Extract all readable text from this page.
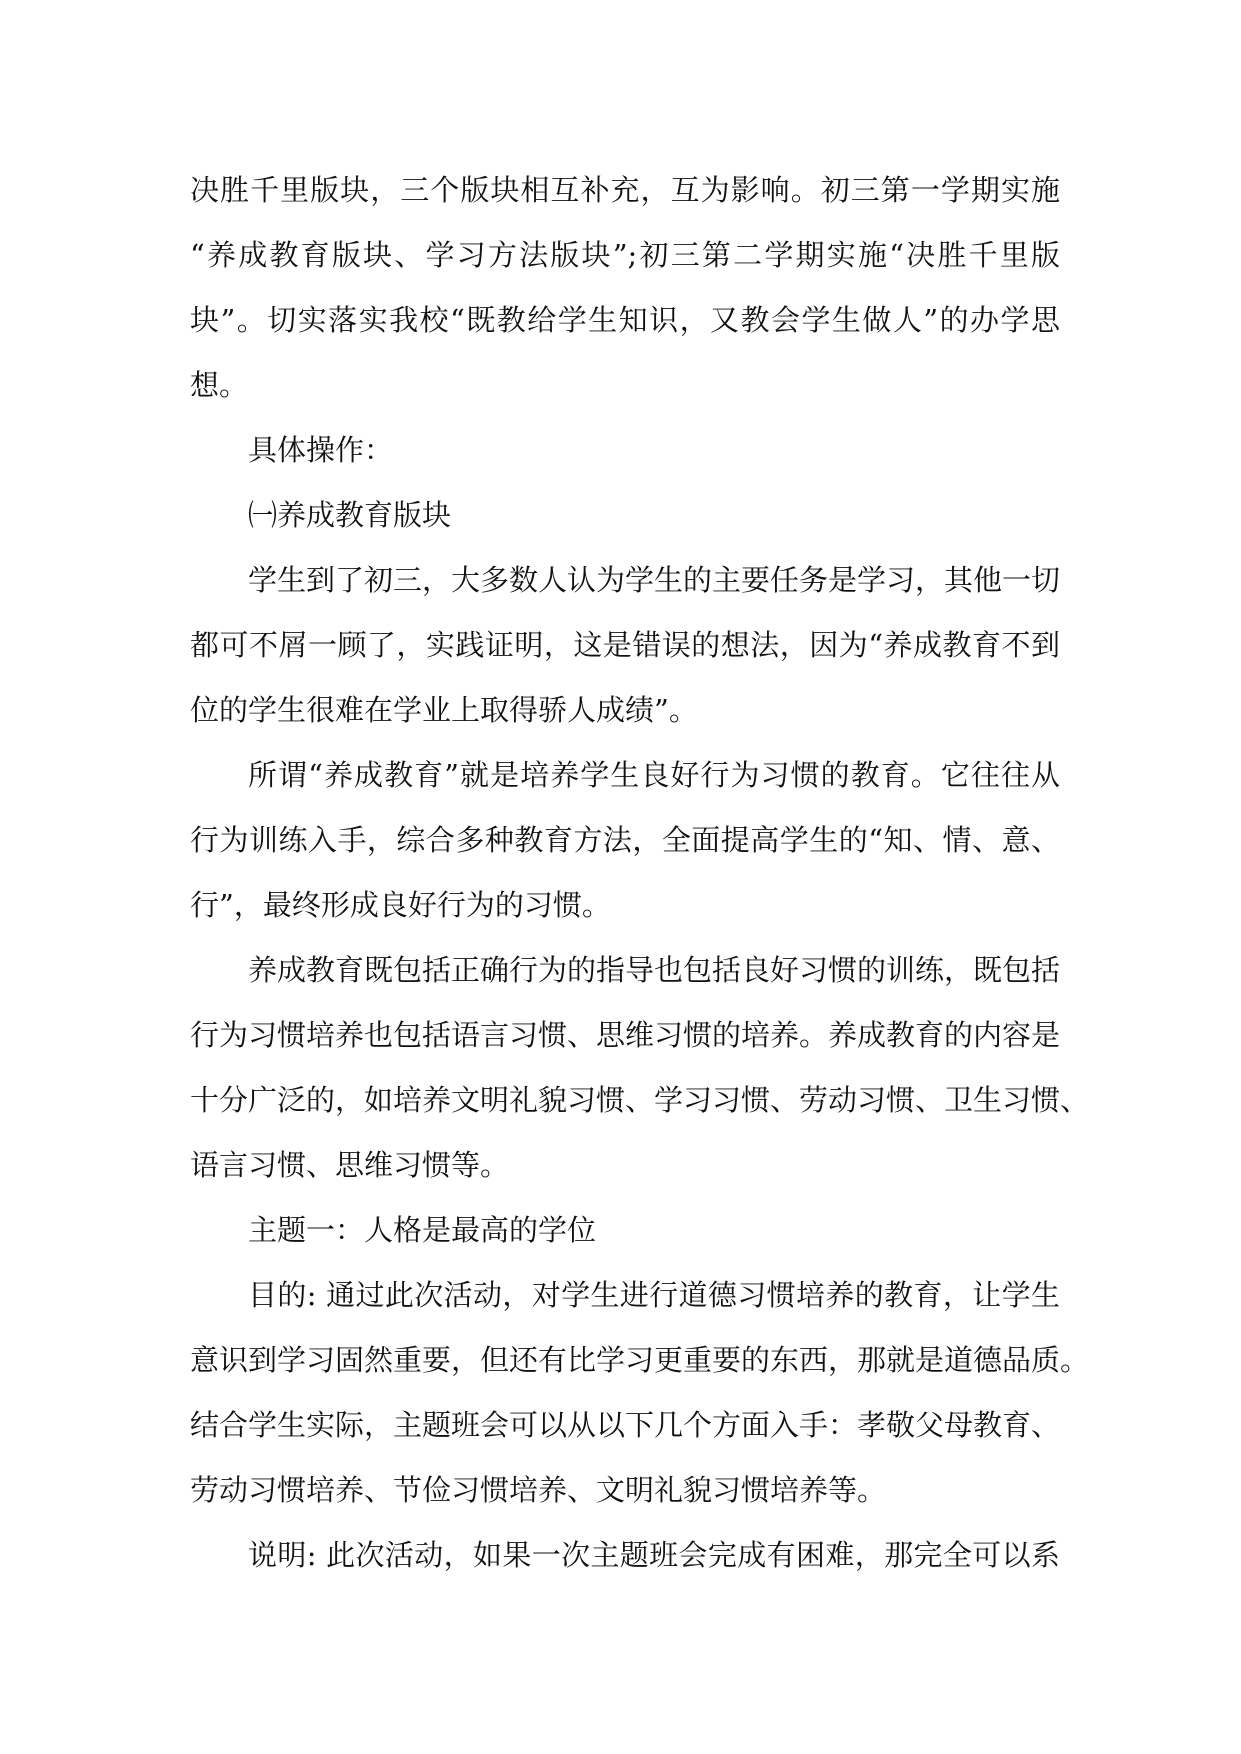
决胜千里版块，三个版块相互补充，互为影响。初三第一学期实施
“养成教育版块、学习方法版块”;初三第二学期实施“决胜千里版
块”。切实落实我校“既教给学生知识，又教会学生做人”的办学思
想。
具体操作：
㈠养成教育版块
学生到了初三，大多数人认为学生的主要任务是学习，其他一切
都可不屑一顾了，实践证明，这是错误的想法，因为“养成教育不到
位的学生很难在学业上取得骄人成绩”。
所谓“养成教育”就是培养学生良好行为习惯的教育。它往往从
行为训练入手，综合多种教育方法，全面提高学生的“知、情、意、
行”，最终形成良好行为的习惯。
养成教育既包括正确行为的指导也包括良好习惯的训练，既包括
行为习惯培养也包括语言习惯、思维习惯的培养。养成教育的内容是
十分广泛的，如培养文明礼貌习惯、学习习惯、劳动习惯、卫生习惯、
语言习惯、思维习惯等。
主题一：人格是最高的学位
目的: 通过此次活动，对学生进行道德习惯培养的教育，让学生
意识到学习固然重要，但还有比学习更重要的东西，那就是道德品质。
结合学生实际，主题班会可以从以下几个方面入手：孝敬父母教育、
劳动习惯培养、节俭习惯培养、文明礼貌习惯培养等。
说明: 此次活动，如果一次主题班会完成有困难，那完全可以系
